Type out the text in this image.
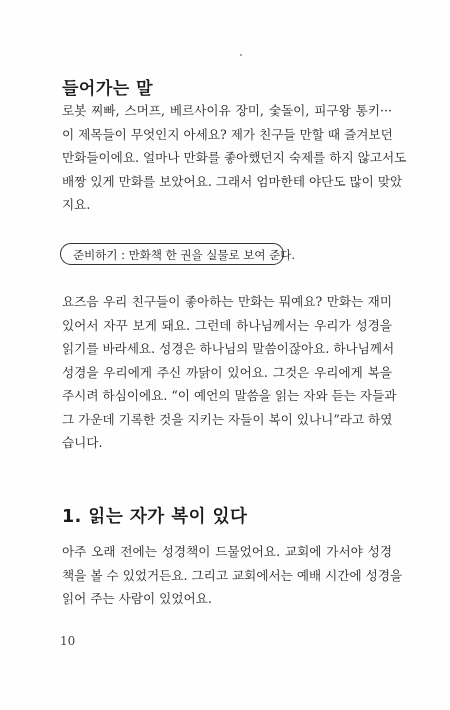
들어가는 말

로봇 찌빠, 스머프, 베르사이유 장미, 숯돌이, 피구왕 통키···
이 제목들이 무엇인지 아세요? 제가 친구들 만할 때 즐겨보던
만화들이에요. 얼마나 만화를 좋아했던지 숙제를 하지 않고서도
배짱 있게 만화를 보았어요. 그래서 엄마한테 야단도 많이 맞았
지요.

준비하기 : 만화책 한 권을 실물로 보여 준다.

요즈음 우리 친구들이 좋아하는 만화는 뭐예요? 만화는 재미
있어서 자꾸 보게 돼요. 그런데 하나님께서는 우리가 성경을
읽기를 바라세요. 성경은 하나님의 말씀이잖아요. 하나님께서
성경을 우리에게 주신 까닭이 있어요. 그것은 우리에게 복을
주시려 하심이에요. “이 예언의 말씀을 읽는 자와 듣는 자들과
그 가운데 기록한 것을 지키는 자들이 복이 있나니”라고 하였
습니다.

1. 읽는 자가 복이 있다

아주 오래 전에는 성경책이 드물었어요. 교회에 가서야 성경
책을 볼 수 있었거든요. 그리고 교회에서는 예배 시간에 성경을
읽어 주는 사람이 있었어요.

10
